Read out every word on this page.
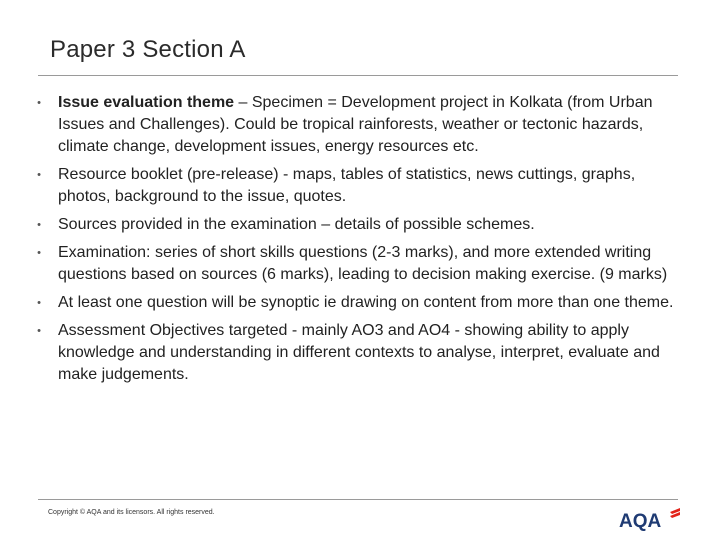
Paper 3 Section A
•	Issue evaluation theme – Specimen = Development project in Kolkata (from Urban Issues and Challenges). Could be tropical rainforests, weather or tectonic hazards, climate change, development issues, energy resources etc.
•	Resource booklet (pre-release) - maps, tables of statistics, news cuttings, graphs, photos, background to the issue, quotes.
•	Sources provided in the examination – details of possible schemes.
•	Examination: series of short skills questions (2-3 marks), and more extended writing questions based on sources (6 marks), leading to decision making exercise. (9 marks)
•	At least one question will be synoptic ie drawing on content from more than one theme.
•	Assessment Objectives targeted - mainly AO3 and AO4 - showing ability to apply knowledge and understanding in different contexts to analyse, interpret, evaluate and make judgements.
Copyright © AQA and its licensors. All rights reserved.	AQA
